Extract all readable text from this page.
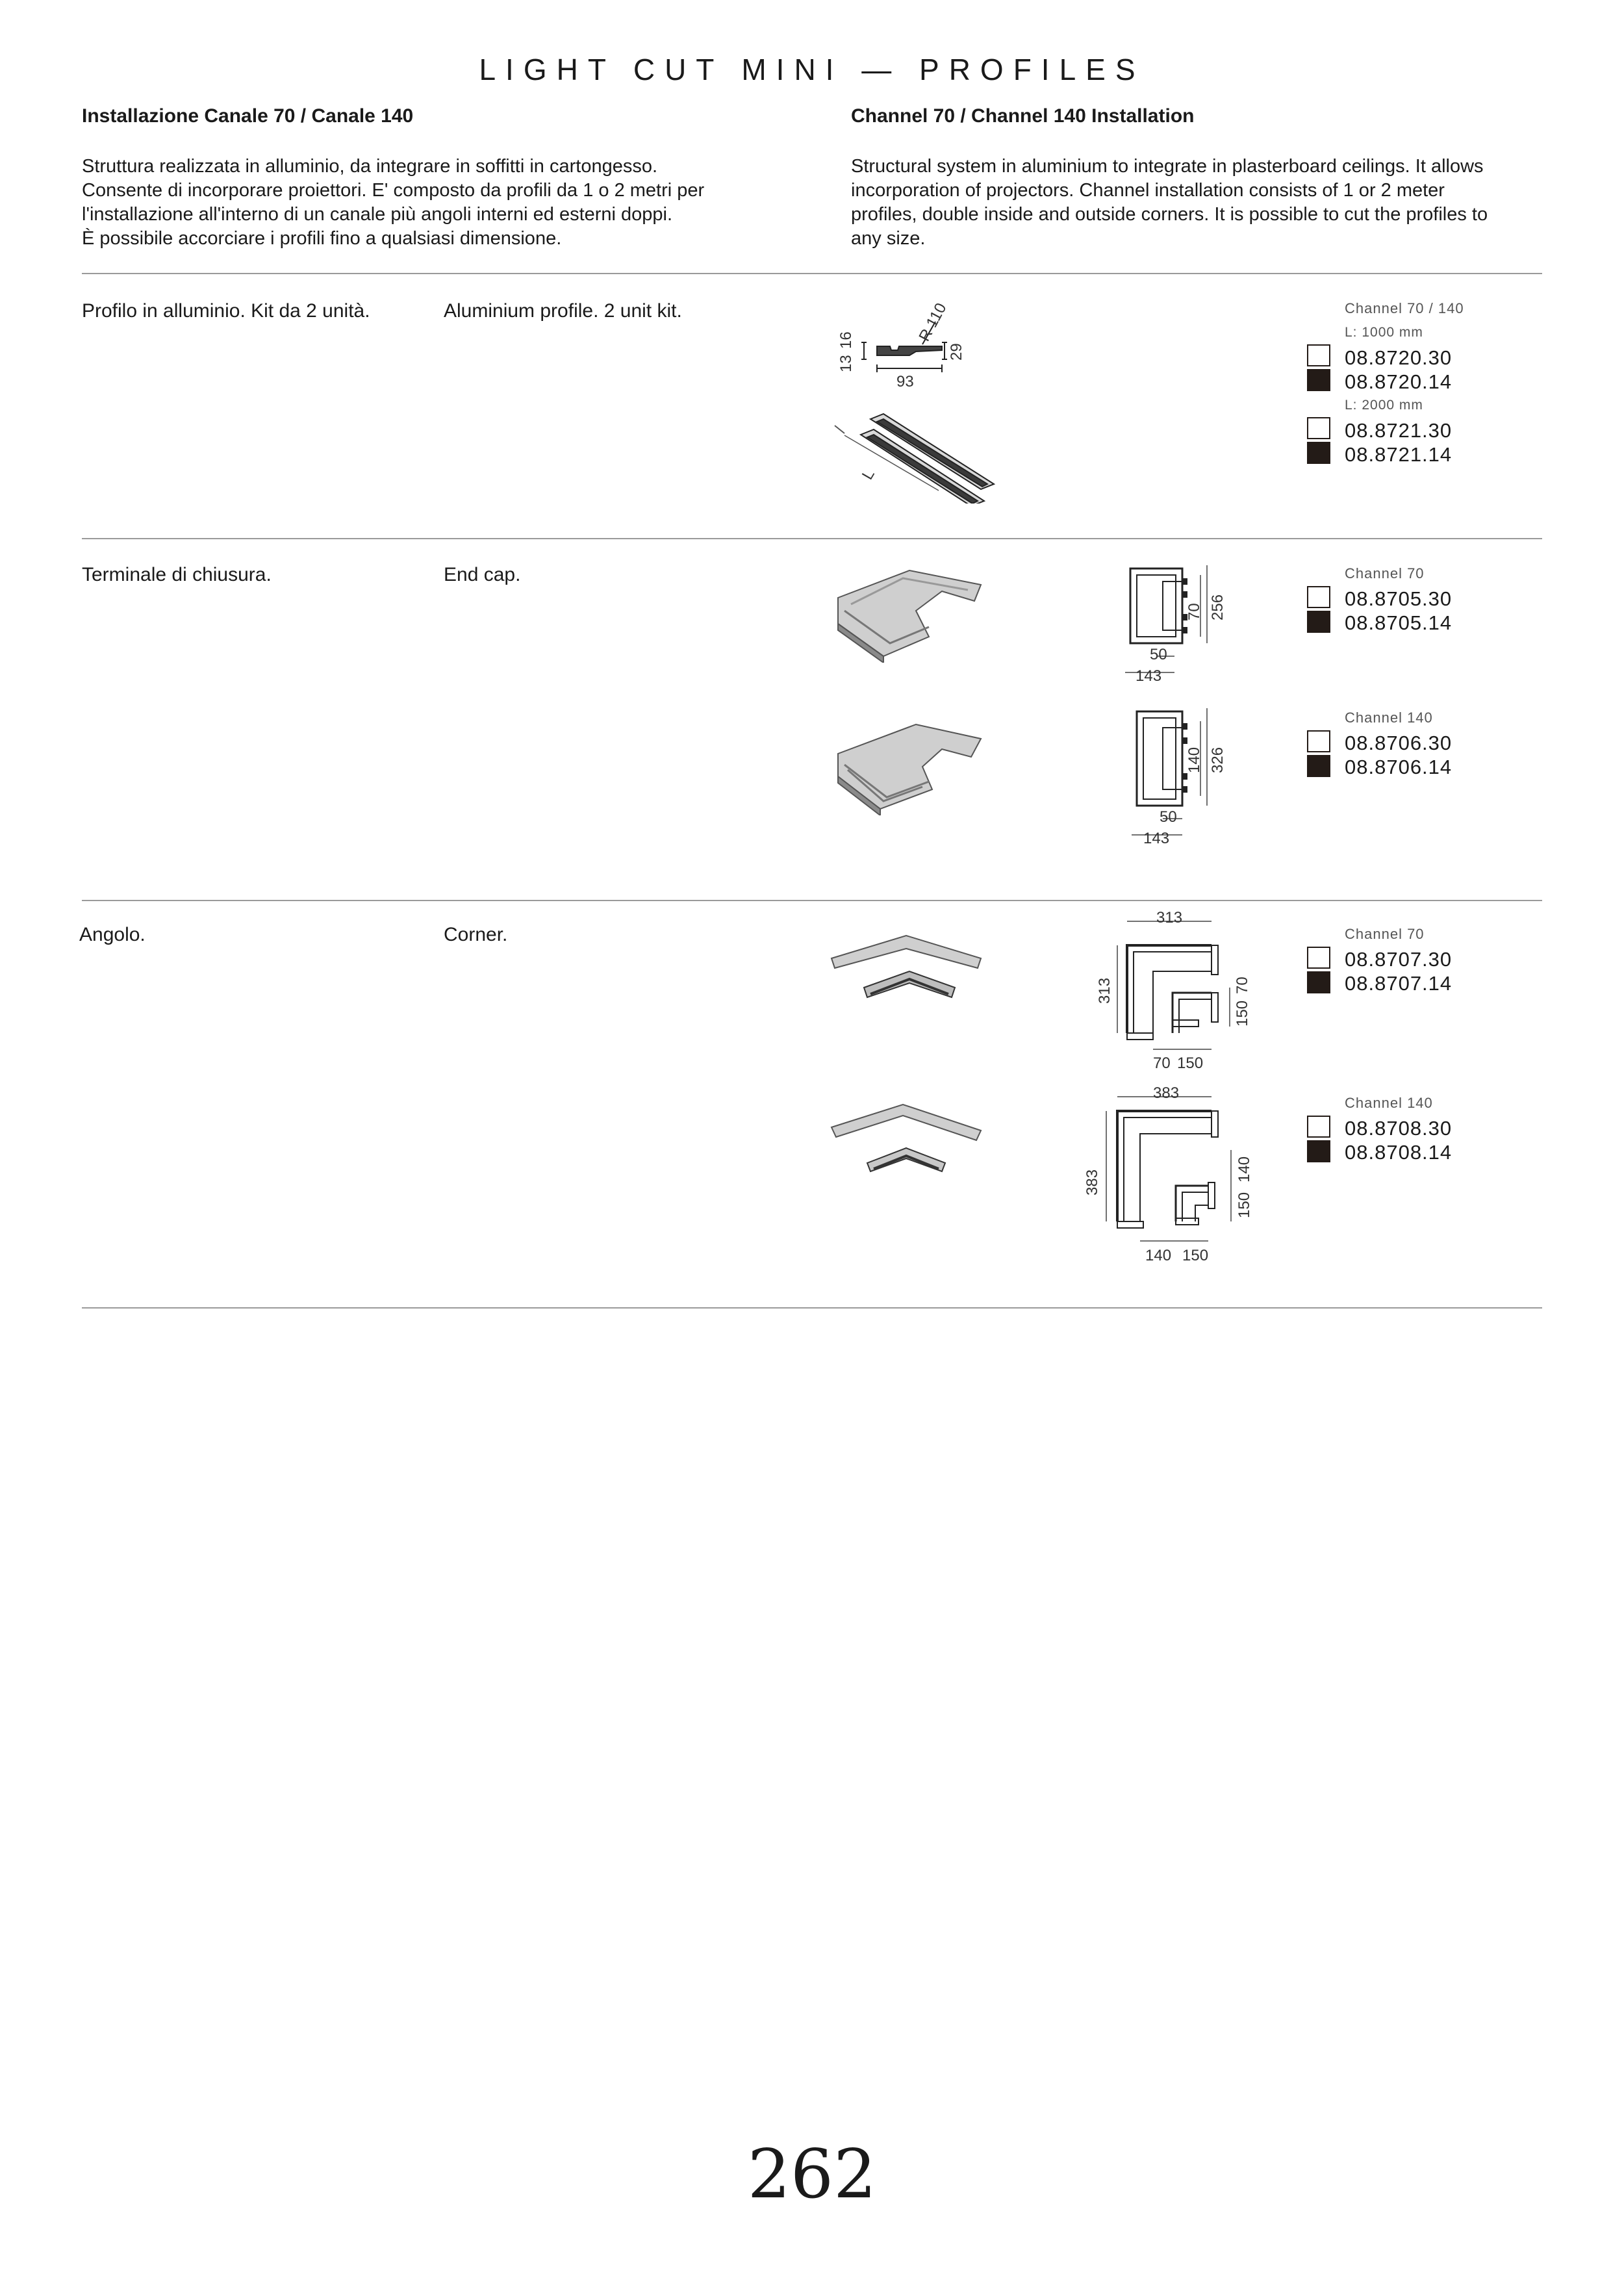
LIGHT CUT MINI — PROFILES
Installazione Canale 70 / Canale 140
Struttura realizzata in alluminio, da integrare in soffitti in cartongesso.
Consente di incorporare proiettori. E' composto da profili da 1 o 2 metri per
l'installazione all'interno di un canale più angoli interni ed esterni doppi.
È possibile accorciare i profili fino a qualsiasi dimensione.
Channel 70 / Channel 140 Installation
Structural system in aluminium to integrate in plasterboard ceilings. It allows
incorporation of projectors. Channel installation consists of 1 or 2 meter
profiles, double inside and outside corners. It is possible to cut the profiles to
any size.
Profilo in alluminio. Kit da 2 unità.	Aluminium profile. 2 unit kit.
13
16	R 110
29
93
L
Channel 70 / 140
L: 1000 mm
08.8720.30
08.8720.14
L: 2000 mm
08.8721.30
08.8721.14
Terminale di chiusura.	End cap.
70 256
50
143
Channel 70
08.8705.30
08.8705.14
140 326
50
143
Channel 140
08.8706.30
08.8706.14
Angolo.	Corner.
313
313
150
70
70 150
Channel 70
08.8707.30
08.8707.14
383
383
150
140
140 150
Channel 140
08.8708.30
08.8708.14
262
